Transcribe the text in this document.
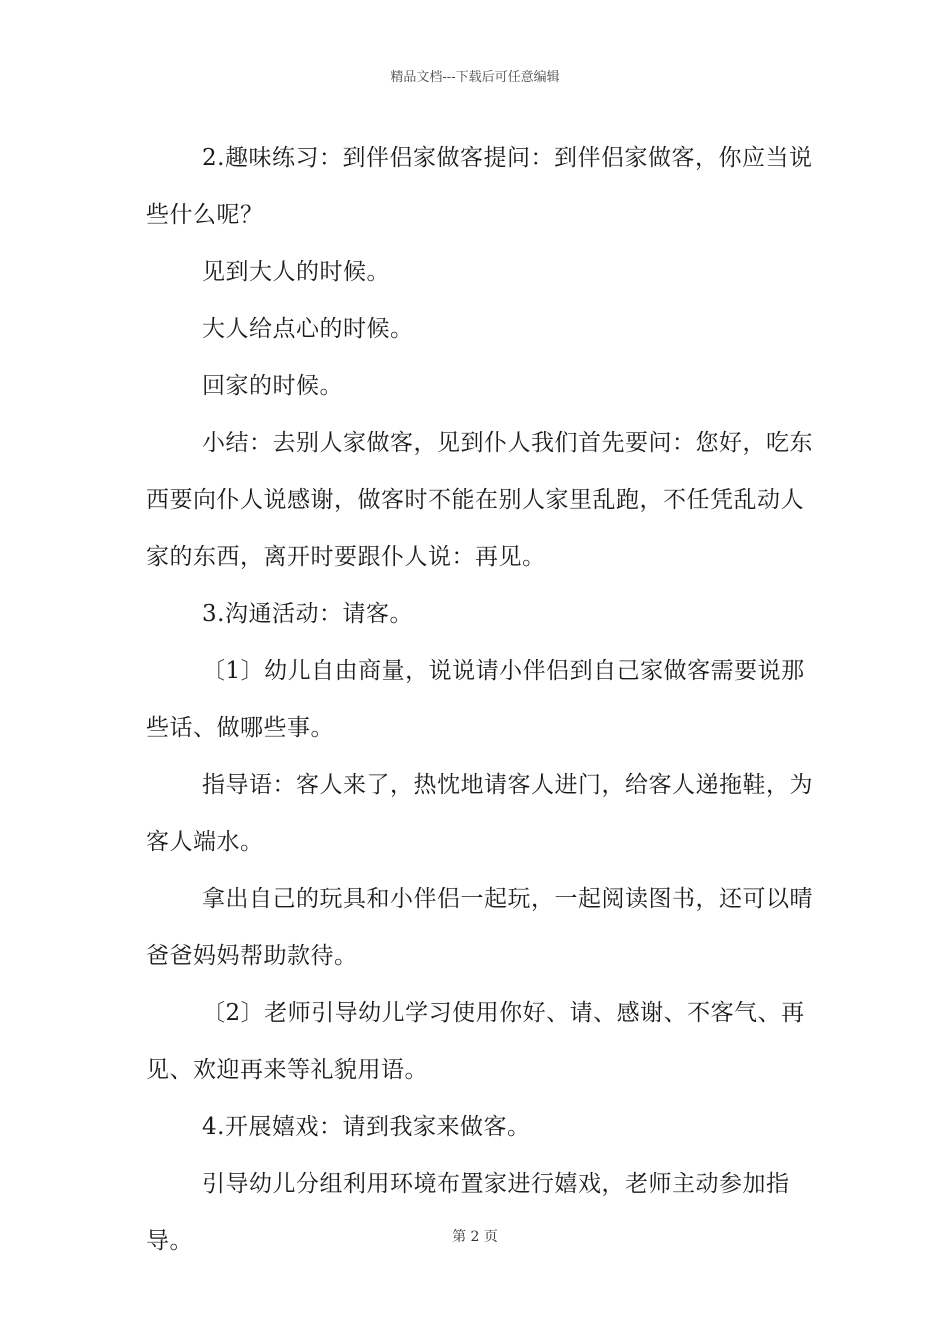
精品文档---下载后可任意编辑

2.趣味练习：到伴侣家做客提问：到伴侣家做客，你应当说些什么呢？

见到大人的时候。

大人给点心的时候。

回家的时候。

小结：去别人家做客，见到仆人我们首先要问：您好，吃东西要向仆人说感谢，做客时不能在别人家里乱跑，不任凭乱动人家的东西，离开时要跟仆人说：再见。

3.沟通活动：请客。

〔1〕幼儿自由商量，说说请小伴侣到自己家做客需要说那些话、做哪些事。

指导语：客人来了，热忱地请客人进门，给客人递拖鞋，为客人端水。

拿出自己的玩具和小伴侣一起玩，一起阅读图书，还可以晴爸爸妈妈帮助款待。

〔2〕老师引导幼儿学习使用你好、请、感谢、不客气、再见、欢迎再来等礼貌用语。

4.开展嬉戏：请到我家来做客。

引导幼儿分组利用环境布置家进行嬉戏，老师主动参加指导。	第 2 页
